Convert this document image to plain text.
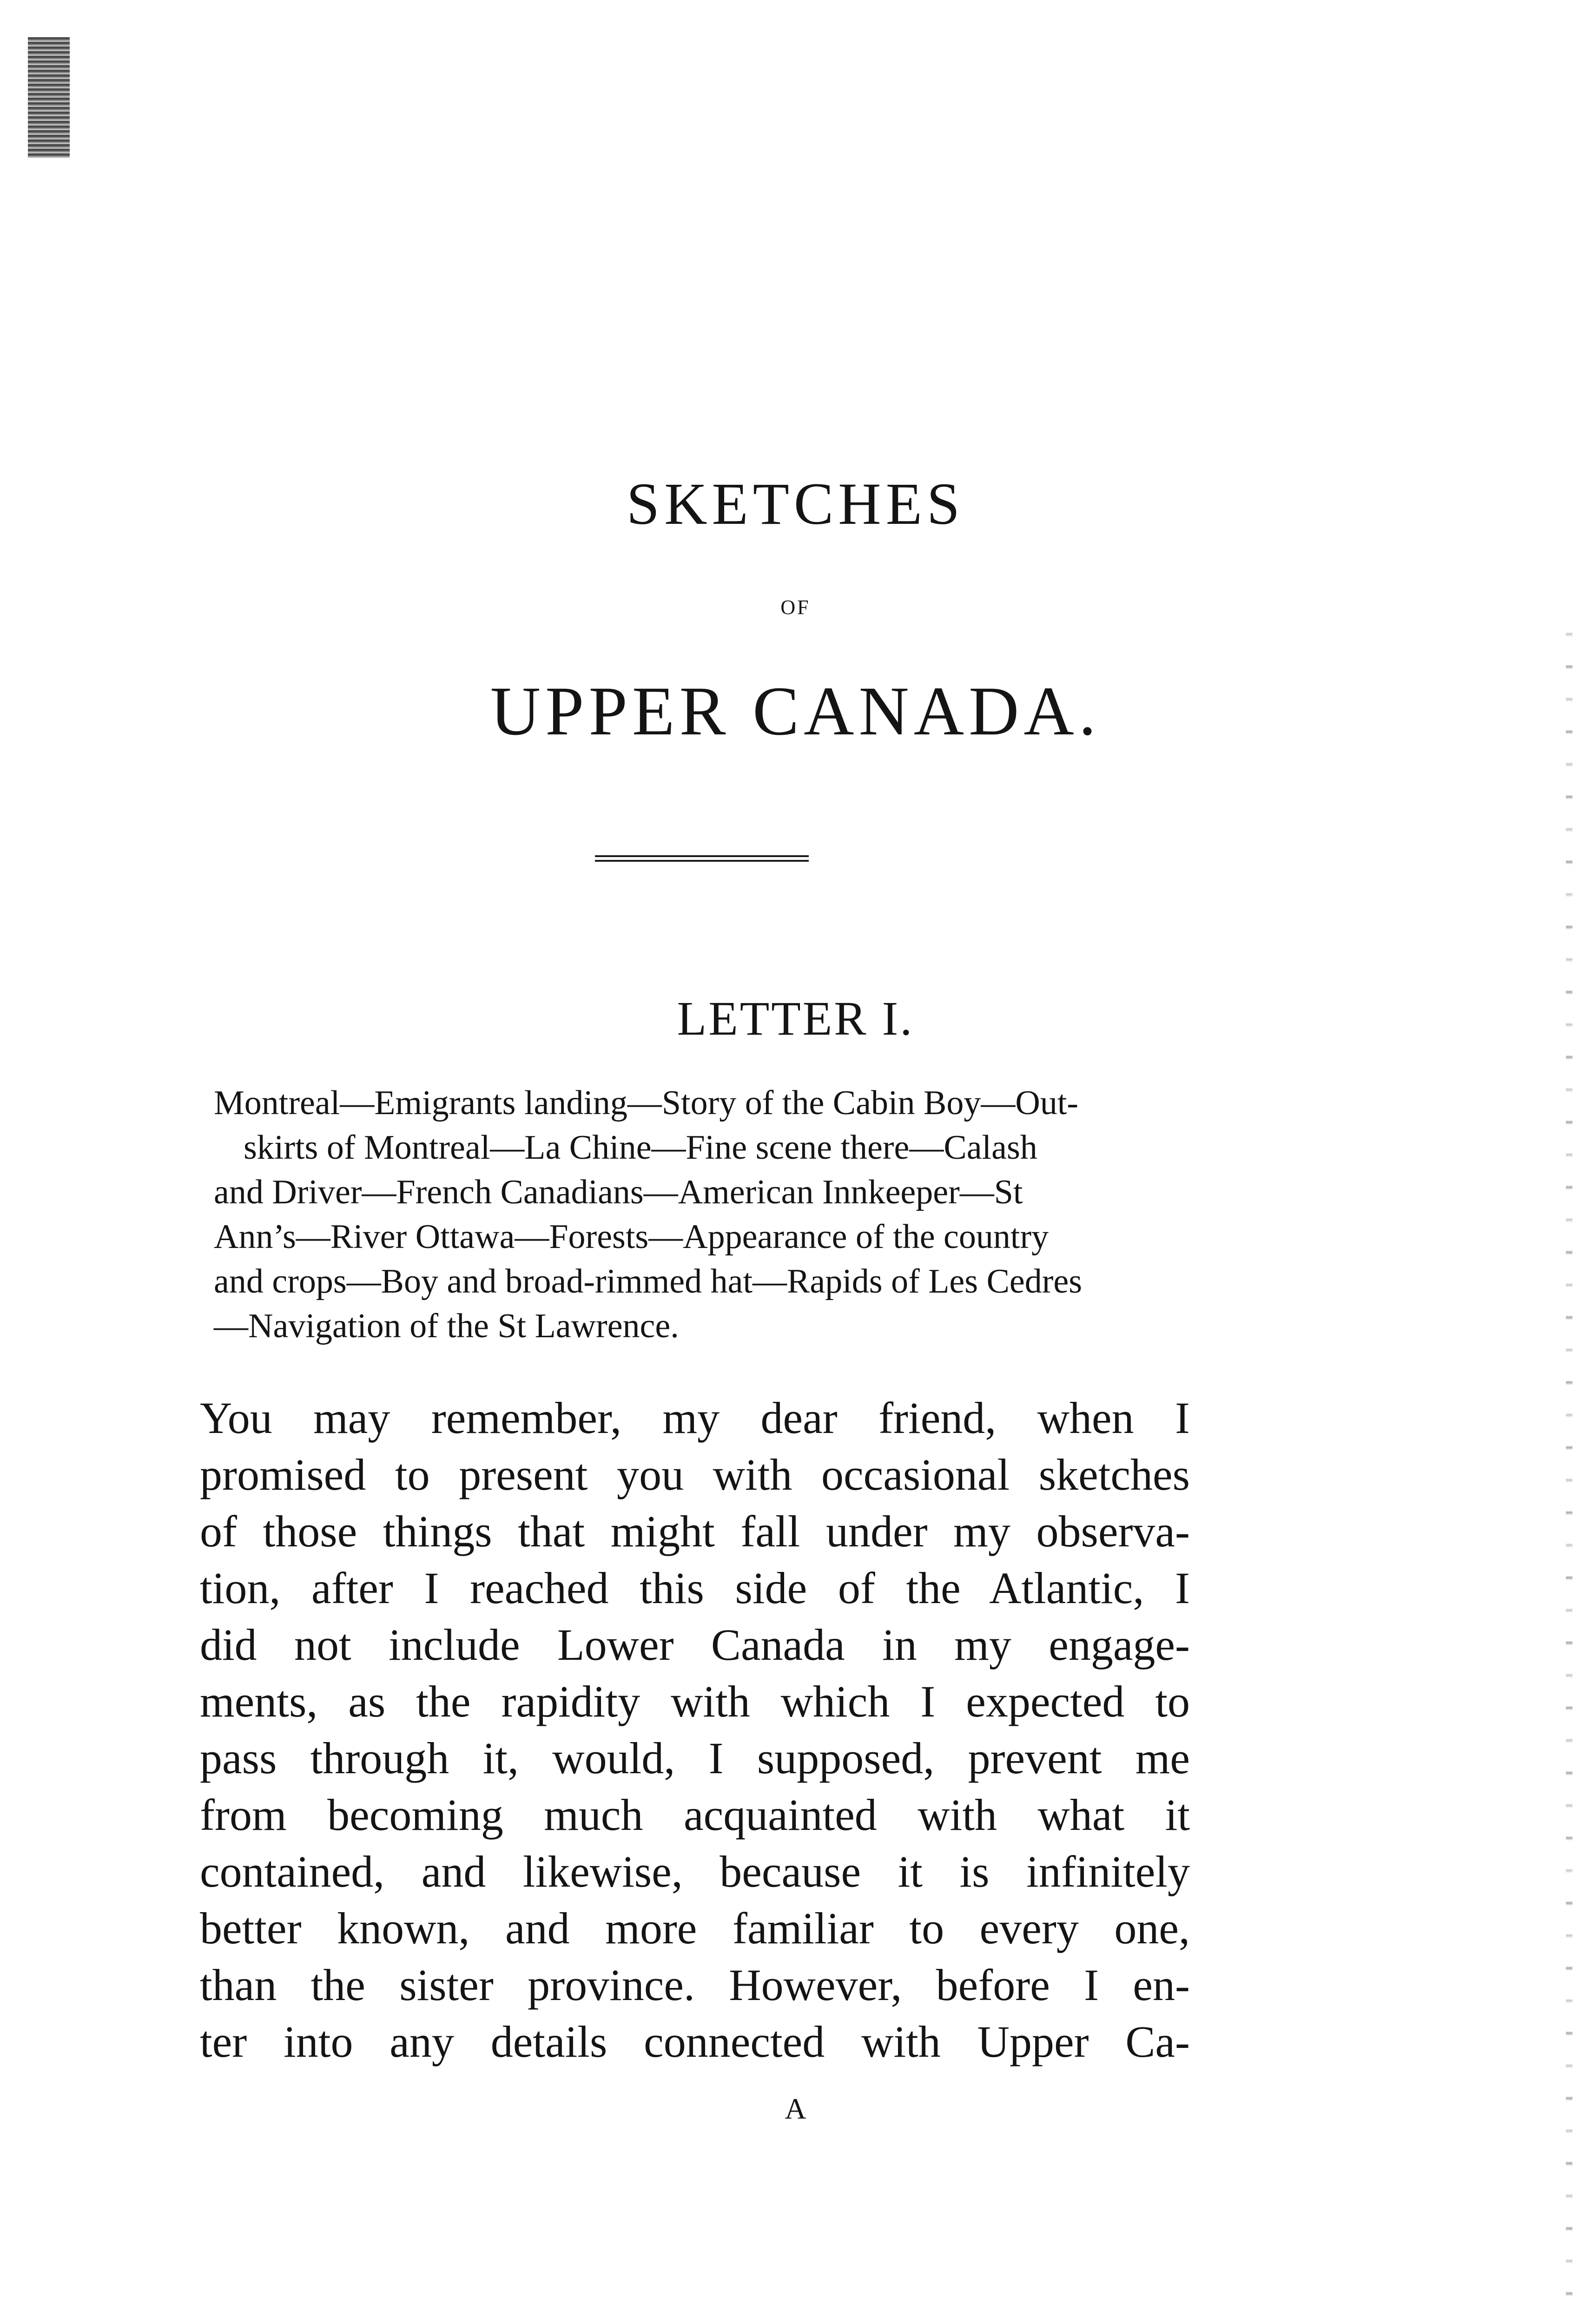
SKETCHES
OF
UPPER CANADA.
LETTER I.
Montreal—Emigrants landing—Story of the Cabin Boy—Out-
skirts of Montreal—La Chine—Fine scene there—Calash
and Driver—French Canadians—American Innkeeper—St
Ann’s—River Ottawa—Forests—Appearance of the country
and crops—Boy and broad-rimmed hat—Rapids of Les Cedres
—Navigation of the St Lawrence.
You may remember, my dear friend, when I
promised to present you with occasional sketches
of those things that might fall under my observa-
tion, after I reached this side of the Atlantic, I
did not include Lower Canada in my engage-
ments, as the rapidity with which I expected to
pass through it, would, I supposed, prevent me
from becoming much acquainted with what it
contained, and likewise, because it is infinitely
better known, and more familiar to every one,
than the sister province. However, before I en-
ter into any details connected with Upper Ca-
A
